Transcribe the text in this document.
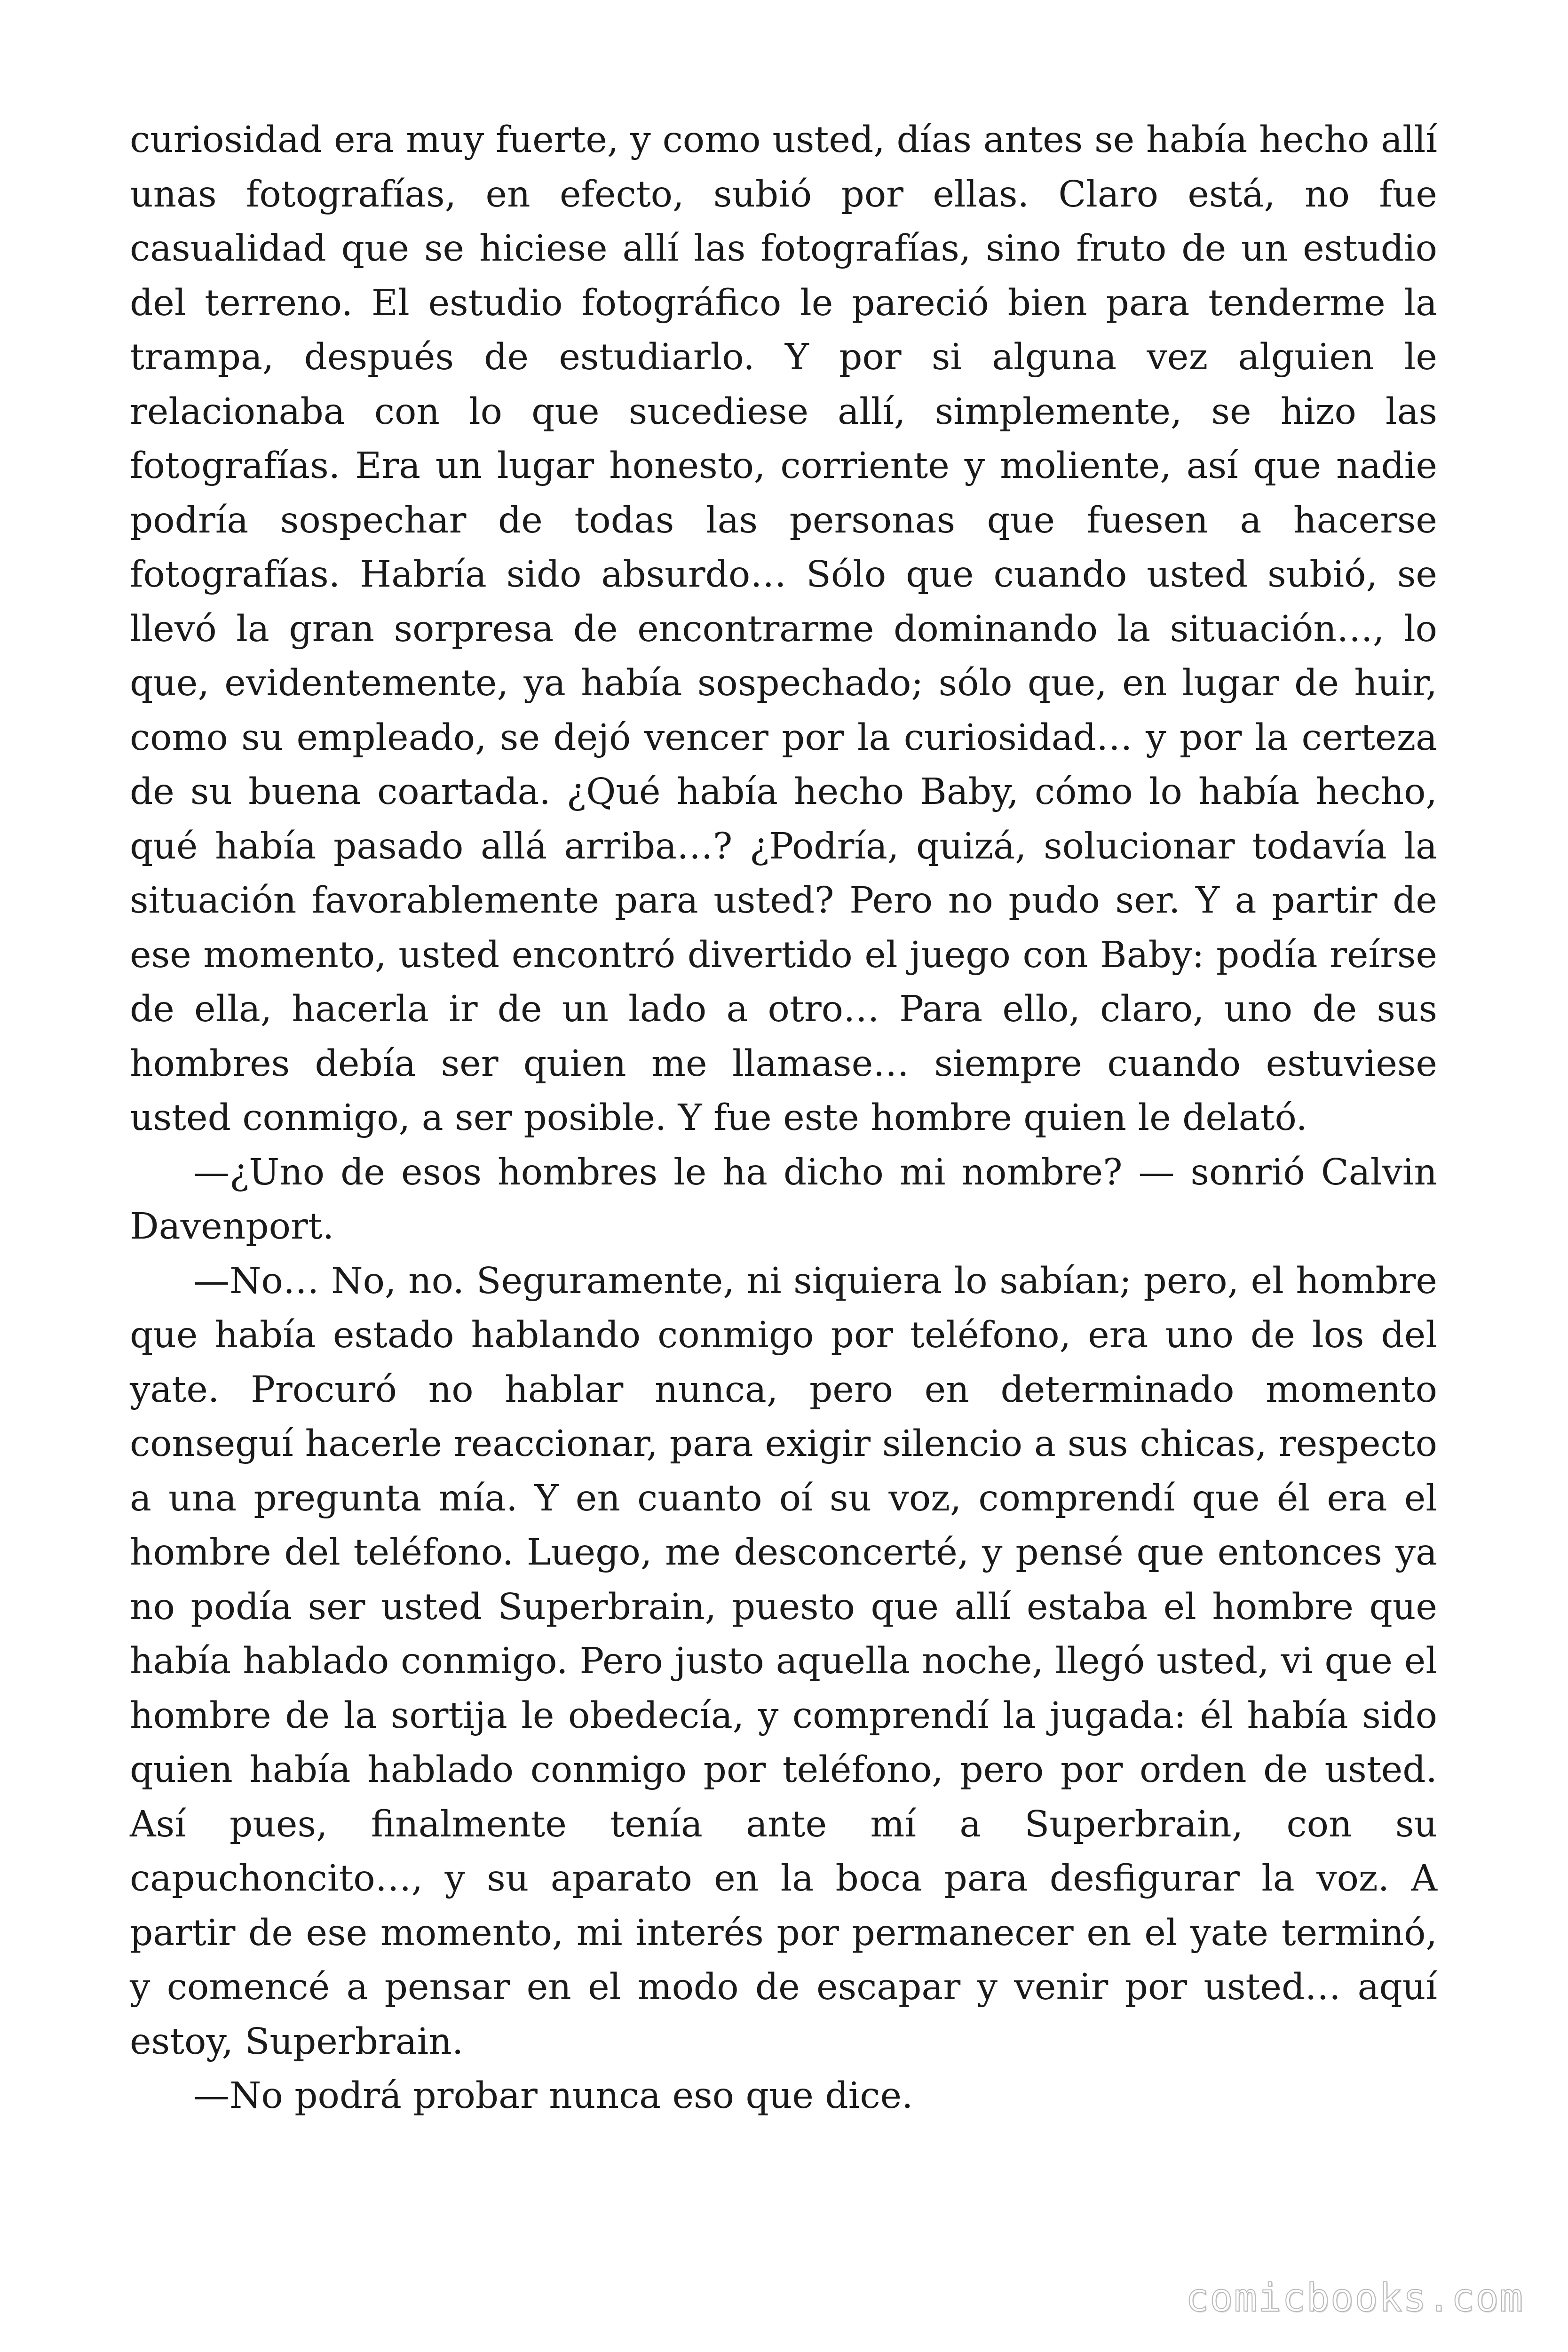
curiosidad era muy fuerte, y como usted, días antes se había hecho allí unas fotografías, en efecto, subió por ellas. Claro está, no fue casualidad que se hiciese allí las fotografías, sino fruto de un estudio del terreno. El estudio fotográfico le pareció bien para tenderme la trampa, después de estudiarlo. Y por si alguna vez alguien le relacionaba con lo que sucediese allí, simplemente, se hizo las fotografías. Era un lugar honesto, corriente y moliente, así que nadie podría sospechar de todas las personas que fuesen a hacerse fotografías. Habría sido absurdo… Sólo que cuando usted subió, se llevó la gran sorpresa de encontrarme dominando la situación…, lo que, evidentemente, ya había sospechado; sólo que, en lugar de huir, como su empleado, se dejó vencer por la curiosidad… y por la certeza de su buena coartada. ¿Qué había hecho Baby, cómo lo había hecho, qué había pasado allá arriba…? ¿Podría, quizá, solucionar todavía la situación favorablemente para usted? Pero no pudo ser. Y a partir de ese momento, usted encontró divertido el juego con Baby: podía reírse de ella, hacerla ir de un lado a otro… Para ello, claro, uno de sus hombres debía ser quien me llamase… siempre cuando estuviese usted conmigo, a ser posible. Y fue este hombre quien le delató.

—¿Uno de esos hombres le ha dicho mi nombre? — sonrió Calvin Davenport.

—No… No, no. Seguramente, ni siquiera lo sabían; pero, el hombre que había estado hablando conmigo por teléfono, era uno de los del yate. Procuró no hablar nunca, pero en determinado momento conseguí hacerle reaccionar, para exigir silencio a sus chicas, respecto a una pregunta mía. Y en cuanto oí su voz, comprendí que él era el hombre del teléfono. Luego, me desconcerté, y pensé que entonces ya no podía ser usted Superbrain, puesto que allí estaba el hombre que había hablado conmigo. Pero justo aquella noche, llegó usted, vi que el hombre de la sortija le obedecía, y comprendí la jugada: él había sido quien había hablado conmigo por teléfono, pero por orden de usted. Así pues, finalmente tenía ante mí a Superbrain, con su capuchoncito…, y su aparato en la boca para desfigurar la voz. A partir de ese momento, mi interés por permanecer en el yate terminó, y comencé a pensar en el modo de escapar y venir por usted… aquí estoy, Superbrain.

—No podrá probar nunca eso que dice.

comicbooks.com
